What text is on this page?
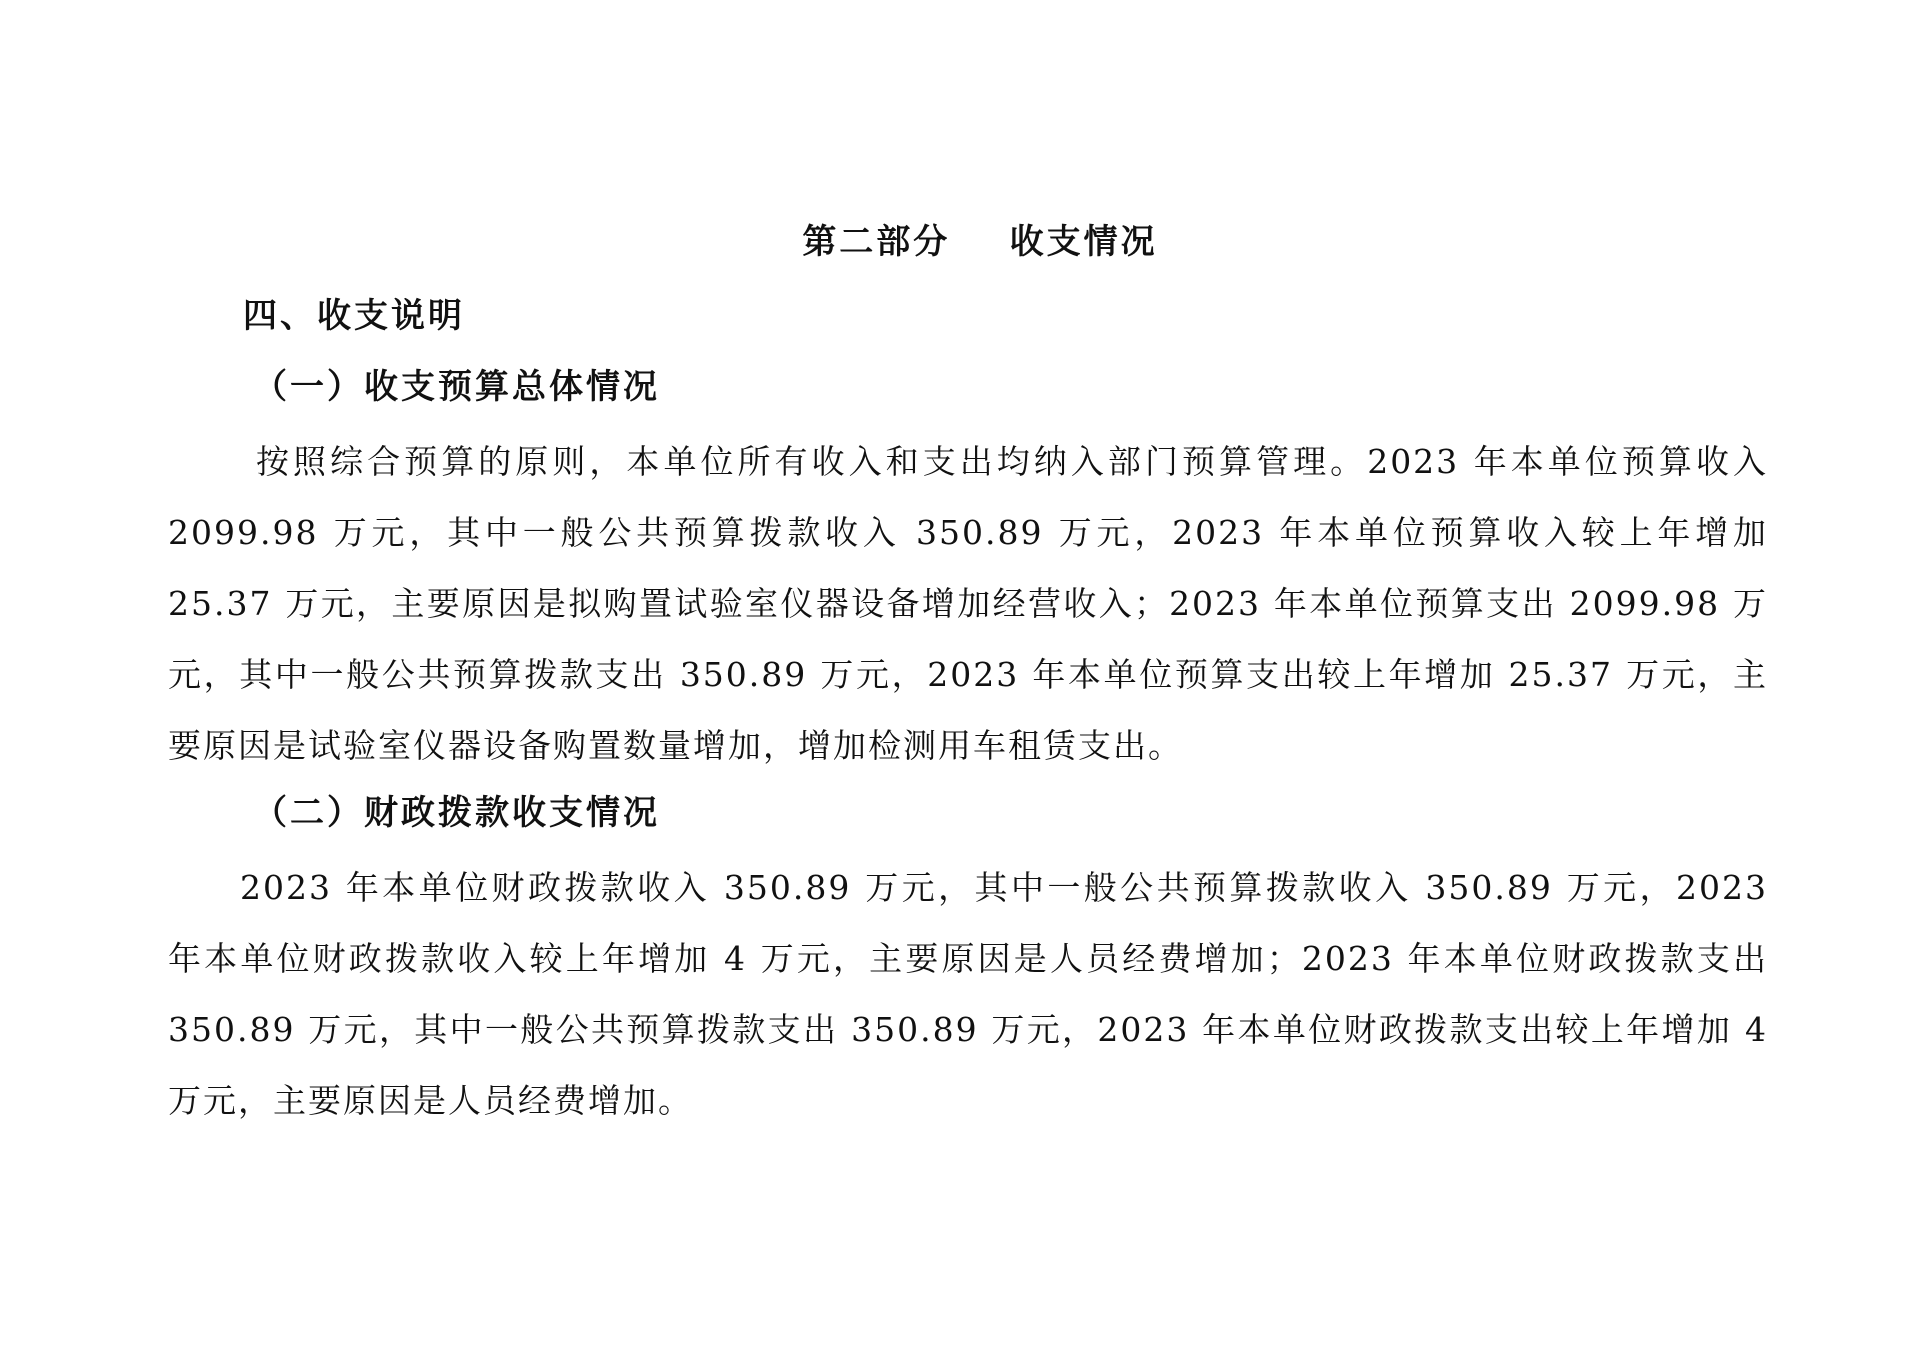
第二部分    收支情况
四、收支说明
（一）收支预算总体情况

按照综合预算的原则，本单位所有收入和支出均纳入部门预算管理。2023 年本单位预算收入 2099.98 万元，其中一般公共预算拨款收入 350.89 万元，2023 年本单位预算收入较上年增加 25.37 万元，主要原因是拟购置试验室仪器设备增加经营收入；2023 年本单位预算支出 2099.98 万元，其中一般公共预算拨款支出 350.89 万元，2023 年本单位预算支出较上年增加 25.37 万元，主要原因是试验室仪器设备购置数量增加，增加检测用车租赁支出。

（二）财政拨款收支情况

2023 年本单位财政拨款收入 350.89 万元，其中一般公共预算拨款收入 350.89 万元，2023 年本单位财政拨款收入较上年增加 4 万元，主要原因是人员经费增加；2023 年本单位财政拨款支出 350.89 万元，其中一般公共预算拨款支出 350.89 万元，2023 年本单位财政拨款支出较上年增加 4 万元，主要原因是人员经费增加。
